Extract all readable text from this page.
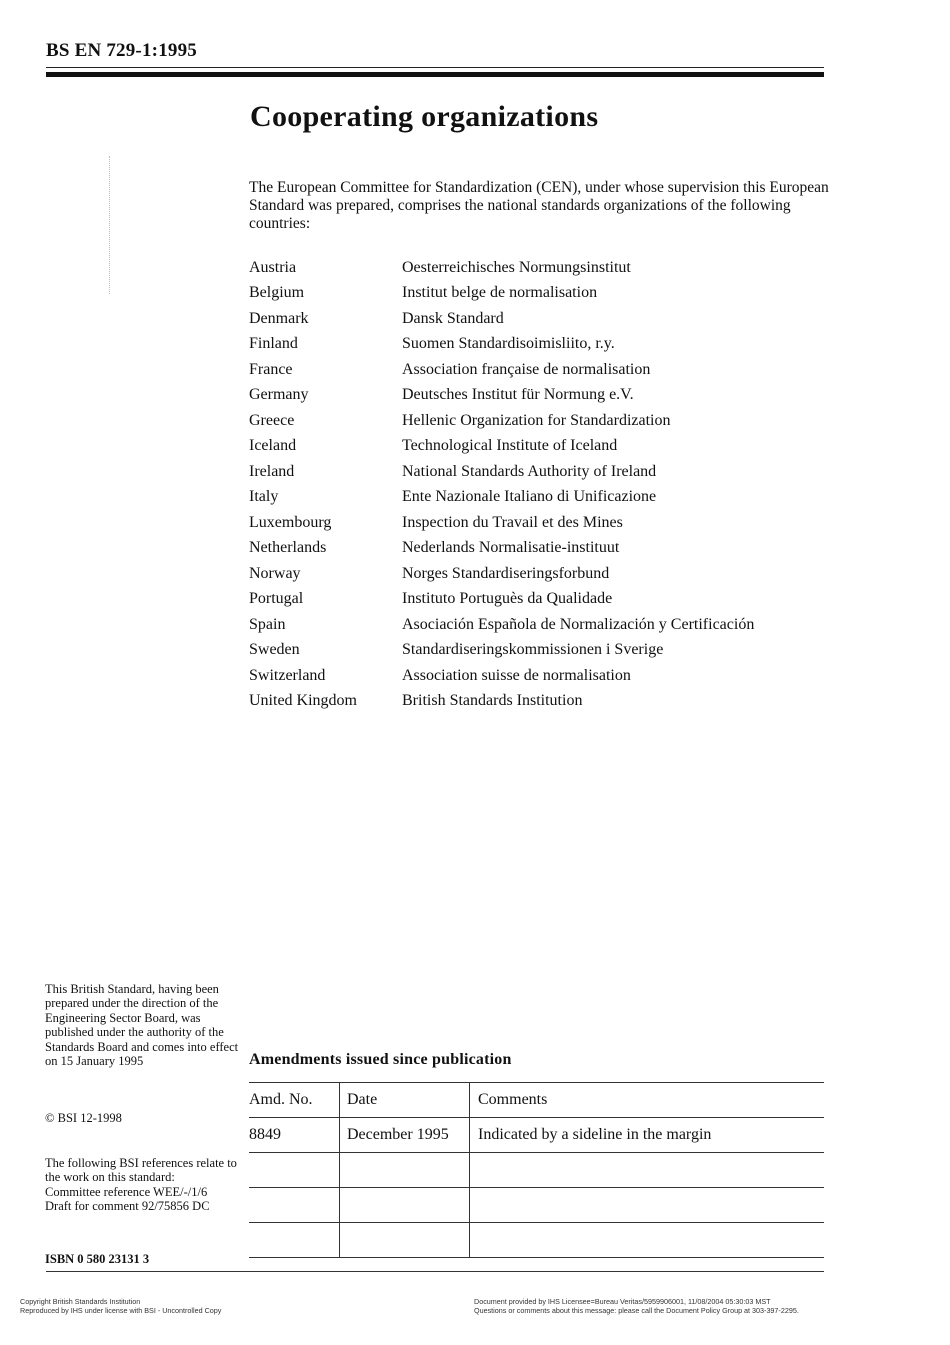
BS EN 729-1:1995
Cooperating organizations

The European Committee for Standardization (CEN), under whose supervision this European Standard was prepared, comprises the national standards organizations of the following countries:

Austria	Oesterreichisches Normungsinstitut
Belgium	Institut belge de normalisation
Denmark	Dansk Standard
Finland	Suomen Standardisoimisliito, r.y.
France	Association française de normalisation
Germany	Deutsches Institut für Normung e.V.
Greece	Hellenic Organization for Standardization
Iceland	Technological Institute of Iceland
Ireland	National Standards Authority of Ireland
Italy	Ente Nazionale Italiano di Unificazione
Luxembourg	Inspection du Travail et des Mines
Netherlands	Nederlands Normalisatie-instituut
Norway	Norges Standardiseringsforbund
Portugal	Instituto Portuguès da Qualidade
Spain	Asociación Española de Normalización y Certificación
Sweden	Standardiseringskommissionen i Sverige
Switzerland	Association suisse de normalisation
United Kingdom	British Standards Institution
This British Standard, having been prepared under the direction of the Engineering Sector Board, was published under the authority of the Standards Board and comes into effect on 15 January 1995
© BSI 12-1998
The following BSI references relate to the work on this standard:
Committee reference WEE/-/1/6
Draft for comment 92/75856 DC
ISBN 0 580 23131 3
Amendments issued since publication
Amd. No.	Date	Comments
8849	December 1995	Indicated by a sideline in the margin

Copyright British Standards Institution
Reproduced by IHS under license with BSI - Uncontrolled Copy
Document provided by IHS Licensee=Bureau Veritas/5959906001, 11/08/2004 05:30:03 MST Questions or comments about this message: please call the Document Policy Group at 303-397-2295.
